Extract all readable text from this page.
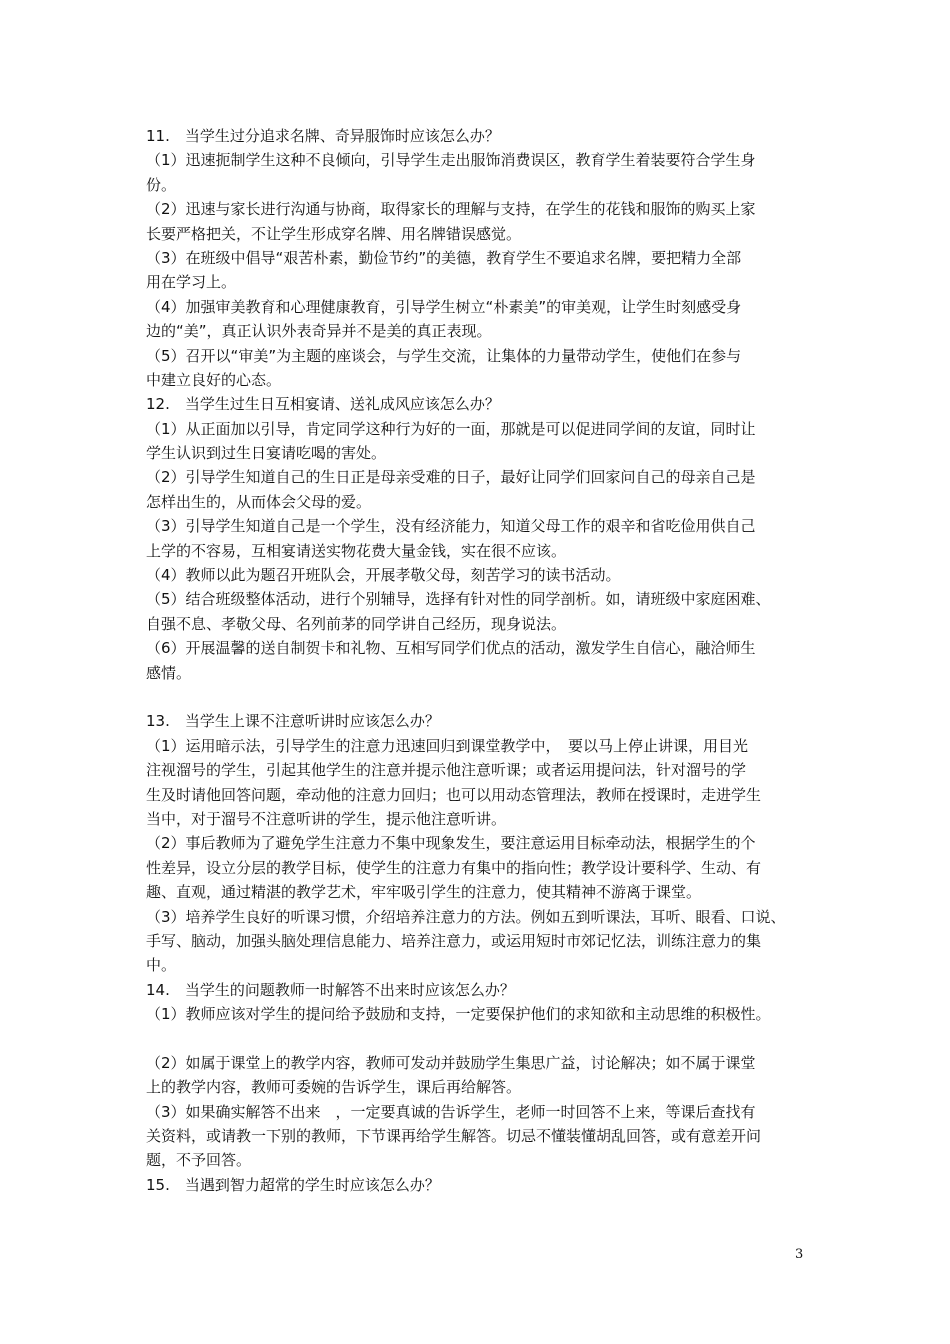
11.　当学生过分追求名牌、奇异服饰时应该怎么办？
（1）迅速扼制学生这种不良倾向，引导学生走出服饰消费误区，教育学生着装要符合学生身
份。
（2）迅速与家长进行沟通与协商，取得家长的理解与支持，在学生的花钱和服饰的购买上家
长要严格把关，不让学生形成穿名牌、用名牌错误感觉。
（3）在班级中倡导“艰苦朴素，勤俭节约”的美德，教育学生不要追求名牌，要把精力全部
用在学习上。
（4）加强审美教育和心理健康教育，引导学生树立“朴素美”的审美观，让学生时刻感受身
边的“美”，真正认识外表奇异并不是美的真正表现。
（5）召开以“审美”为主题的座谈会，与学生交流，让集体的力量带动学生，使他们在参与
中建立良好的心态。
12.　当学生过生日互相宴请、送礼成风应该怎么办？
（1）从正面加以引导，肯定同学这种行为好的一面，那就是可以促进同学间的友谊，同时让
学生认识到过生日宴请吃喝的害处。
（2）引导学生知道自己的生日正是母亲受难的日子，最好让同学们回家问自己的母亲自己是
怎样出生的，从而体会父母的爱。
（3）引导学生知道自己是一个学生，没有经济能力，知道父母工作的艰辛和省吃俭用供自己
上学的不容易，互相宴请送实物花费大量金钱，实在很不应该。
（4）教师以此为题召开班队会，开展孝敬父母，刻苦学习的读书活动。
（5）结合班级整体活动，进行个别辅导，选择有针对性的同学剖析。如，请班级中家庭困难、
自强不息、孝敬父母、名列前茅的同学讲自己经历，现身说法。
（6）开展温馨的送自制贺卡和礼物、互相写同学们优点的活动，激发学生自信心，融洽师生
感情。
13.　当学生上课不注意听讲时应该怎么办？
（1）运用暗示法，引导学生的注意力迅速回归到课堂教学中，　要以马上停止讲课，用目光
注视溜号的学生，引起其他学生的注意并提示他注意听课；或者运用提问法，针对溜号的学
生及时请他回答问题，牵动他的注意力回归；也可以用动态管理法，教师在授课时，走进学生
当中，对于溜号不注意听讲的学生，提示他注意听讲。
（2）事后教师为了避免学生注意力不集中现象发生，要注意运用目标牵动法，根据学生的个
性差异，设立分层的教学目标，使学生的注意力有集中的指向性；教学设计要科学、生动、有
趣、直观，通过精湛的教学艺术，牢牢吸引学生的注意力，使其精神不游离于课堂。
（3）培养学生良好的听课习惯，介绍培养注意力的方法。例如五到听课法，耳听、眼看、口说、
手写、脑动，加强头脑处理信息能力、培养注意力，或运用短时市郊记忆法，训练注意力的集
中。
14.　当学生的问题教师一时解答不出来时应该怎么办？
（1）教师应该对学生的提问给予鼓励和支持，一定要保护他们的求知欲和主动思维的积极性。
（2）如属于课堂上的教学内容，教师可发动并鼓励学生集思广益，讨论解决；如不属于课堂
上的教学内容，教师可委婉的告诉学生，课后再给解答。
（3）如果确实解答不出来　，一定要真诚的告诉学生，老师一时回答不上来，等课后查找有
关资料，或请教一下别的教师，下节课再给学生解答。切忌不懂装懂胡乱回答，或有意差开问
题，不予回答。
15.　当遇到智力超常的学生时应该怎么办？
3
